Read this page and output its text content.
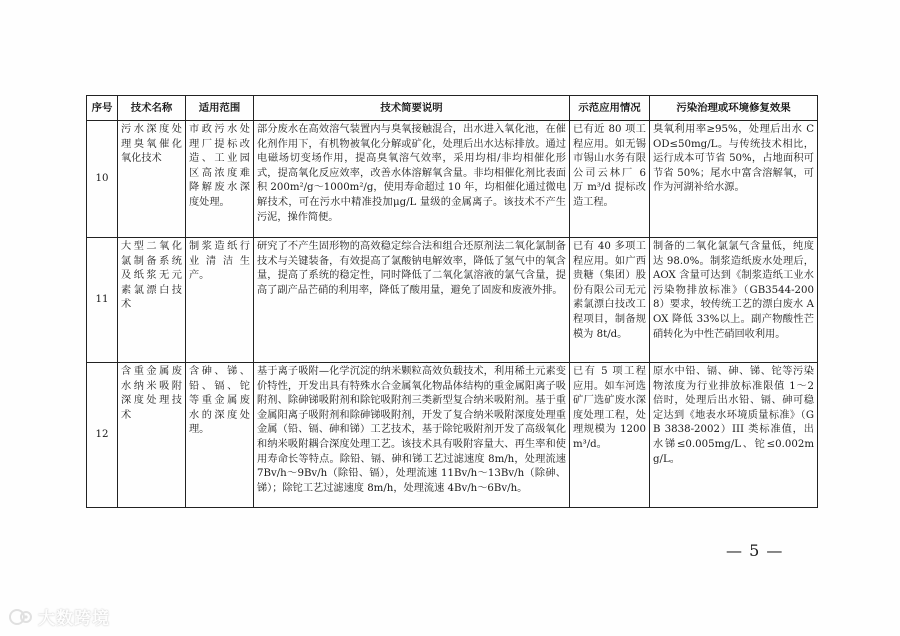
序号	技术名称	适用范围	技术简要说明	示范应用情况	污染治理或环境修复效果
10	污水深度处理臭氧催化氧化技术	市政污水处理厂提标改造、工业园区高浓度难降解废水深度处理。	部分废水在高效溶气装置内与臭氧接触混合，出水进入氧化池，在催化剂作用下，有机物被氧化分解或矿化，处理后出水达标排放。通过电磁场切变场作用，提高臭氧溶气效率，采用均相/非均相催化形式，提高氧化反应效率，改善水体溶解氧含量。非均相催化剂比表面积 200m²/g～1000m²/g，使用寿命超过 10 年，均相催化通过微电解技术，可在污水中精准投加μg/L 量级的金属离子。该技术不产生污泥，操作简便。	已有近 80 项工程应用。如无锡市锡山水务有限公司云林厂 6 万 m³/d 提标改造工程。	臭氧利用率≥95%，处理后出水 COD≤50mg/L。与传统技术相比，运行成本可节省 50%，占地面积可节省 50%；尾水中富含溶解氧，可作为河湖补给水源。
11	大型二氧化氯制备系统及纸浆无元素氯漂白技术	制浆造纸行业清洁生产。	研究了不产生固形物的高效稳定综合法和组合还原剂法二氧化氯制备技术与关键装备，有效提高了氯酸钠电解效率，降低了氢气中的氧含量，提高了系统的稳定性，同时降低了二氧化氯溶液的氯气含量，提高了副产品芒硝的利用率，降低了酸用量，避免了固废和废液外排。	已有 40 多项工程应用。如广西贵糖（集团）股份有限公司无元素氯漂白技改工程项目，制备规模为 8t/d。	制备的二氧化氯氯气含量低，纯度达 98.0%。制浆造纸废水处理后，AOX 含量可达到《制浆造纸工业水污染物排放标准》（GB3544-2008）要求，较传统工艺的漂白废水 AOX 降低 33%以上。副产物酸性芒硝转化为中性芒硝回收利用。
12	含重金属废水纳米吸附深度处理技术	含砷、锑、铅、镉、铊等重金属废水的深度处理。	基于离子吸附—化学沉淀的纳米颗粒高效负载技术，利用稀土元素变价特性，开发出具有特殊水合金属氧化物晶体结构的重金属阳离子吸附剂、除砷锑吸附剂和除铊吸附剂三类新型复合纳米吸附剂。基于重金属阳离子吸附剂和除砷锑吸附剂，开发了复合纳米吸附深度处理重金属（铅、镉、砷和锑）工艺技术，基于除铊吸附剂开发了高级氧化和纳米吸附耦合深度处理工艺。该技术具有吸附容量大、再生率和使用寿命长等特点。除铅、镉、砷和锑工艺过滤速度 8m/h，处理流速 7Bv/h～9Bv/h（除铅、镉），处理流速 11Bv/h～13Bv/h（除砷、锑）；除铊工艺过滤速度 8m/h，处理流速 4Bv/h～6Bv/h。	已有 5 项工程应用。如车河选矿厂选矿废水深度处理工程，处理规模为 1200m³/d。	原水中铅、镉、砷、锑、铊等污染物浓度为行业排放标准限值 1～2 倍时，处理后出水铅、镉、砷可稳定达到《地表水环境质量标准》（GB 3838-2002）III 类标准值，出水锑≤0.005mg/L、铊≤0.002mg/L。
— 5 —
大数跨境
